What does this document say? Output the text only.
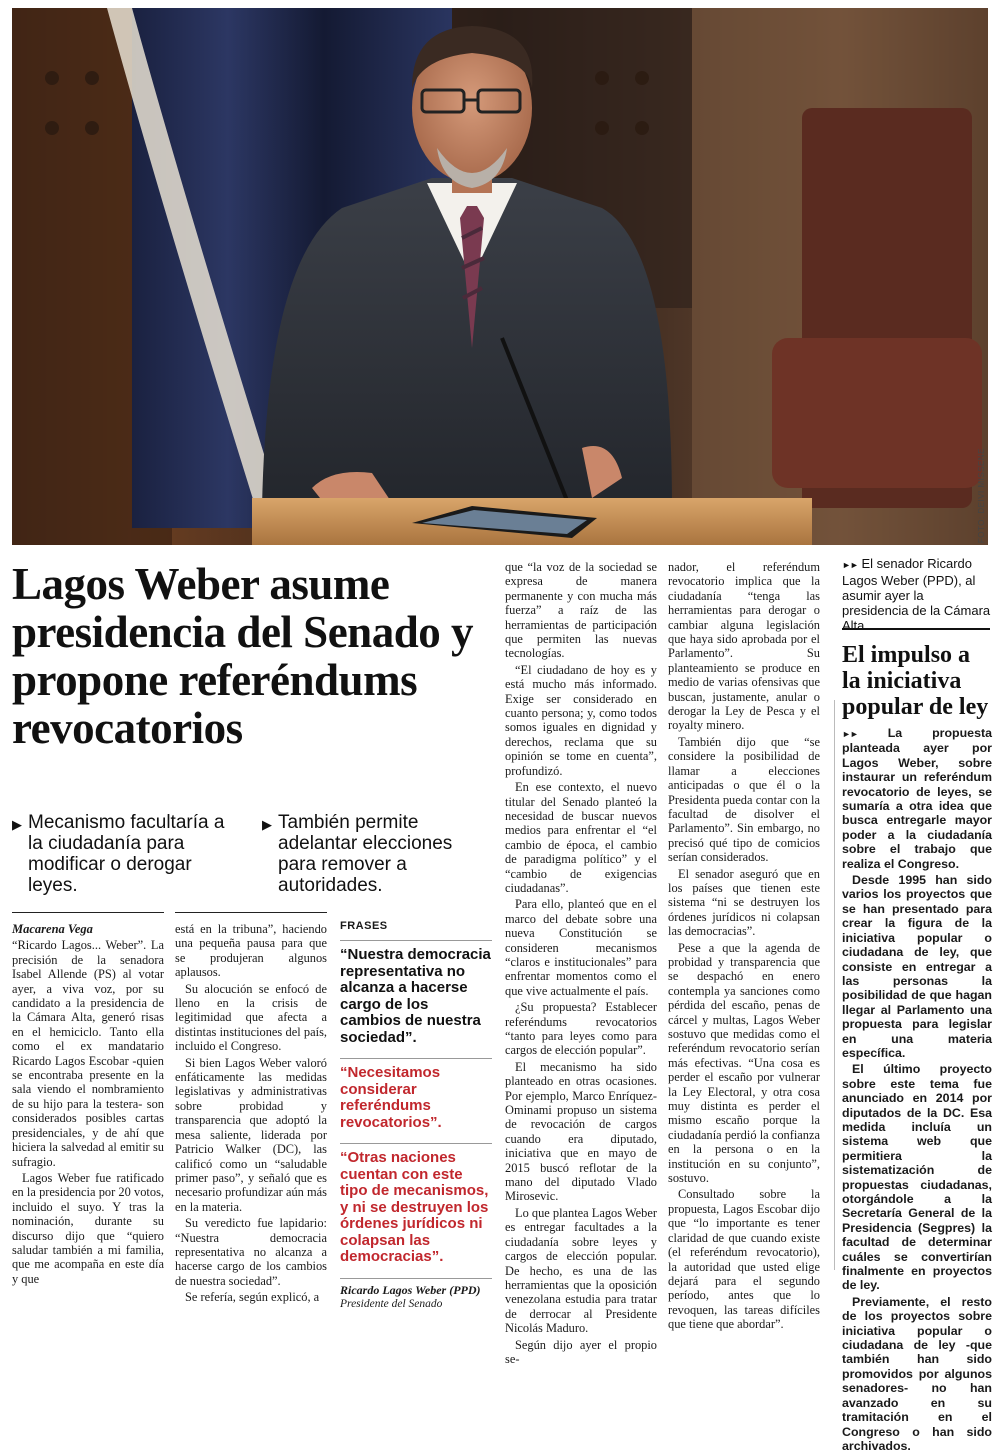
FOTO: DEIVI MISSENE
Lagos Weber asume presidencia del Senado y propone referéndums revocatorios
▶ Mecanismo facultaría a la ciudadanía para modificar o derogar leyes.
▶ También permite adelantar elecciones para remover a autoridades.

Macarena Vega

“Ricardo Lagos... Weber”. La precisión de la senadora Isabel Allende (PS) al votar ayer, a viva voz, por su candidato a la presidencia de la Cámara Alta, generó risas en el hemiciclo. Tanto ella como el ex mandatario Ricardo Lagos Escobar -quien se encontraba presente en la sala viendo el nombramiento de su hijo para la testera- son considerados posibles cartas presidenciales, y de ahí que hiciera la salvedad al emitir su sufragio.

Lagos Weber fue ratificado en la presidencia por 20 votos, incluido el suyo. Y tras la nominación, durante su discurso dijo que “quiero saludar también a mi familia, que me acompaña en este día y que

está en la tribuna”, haciendo una pequeña pausa para que se produjeran algunos aplausos.

Su alocución se enfocó de lleno en la crisis de legitimidad que afecta a distintas instituciones del país, incluido el Congreso.

Si bien Lagos Weber valoró enfáticamente las medidas legislativas y administrativas sobre probidad y transparencia que adoptó la mesa saliente, liderada por Patricio Walker (DC), las calificó como un “saludable primer paso”, y señaló que es necesario profundizar aún más en la materia.

Su veredicto fue lapidario: “Nuestra democracia representativa no alcanza a hacerse cargo de los cambios de nuestra sociedad”.

Se refería, según explicó, a

FRASES
“Nuestra democracia representativa no alcanza a hacerse cargo de los cambios de nuestra sociedad”.
“Necesitamos considerar referéndums revocatorios”.
“Otras naciones cuentan con este tipo de mecanismos, y ni se destruyen los órdenes jurídicos ni colapsan las democracias”.
Ricardo Lagos Weber (PPD)
Presidente del Senado

que “la voz de la sociedad se expresa de manera permanente y con mucha más fuerza” a raíz de las herramientas de participación que permiten las nuevas tecnologías.

“El ciudadano de hoy es y está mucho más informado. Exige ser considerado en cuanto persona; y, como todos somos iguales en dignidad y derechos, reclama que su opinión se tome en cuenta”, profundizó.

En ese contexto, el nuevo titular del Senado planteó la necesidad de buscar nuevos medios para enfrentar el “el cambio de época, el cambio de paradigma político” y el “cambio de exigencias ciudadanas”.

Para ello, planteó que en el marco del debate sobre una nueva Constitución se consideren mecanismos “claros e institucionales” para enfrentar momentos como el que vive actualmente el país.

¿Su propuesta? Establecer referéndums revocatorios “tanto para leyes como para cargos de elección popular”.

El mecanismo ha sido planteado en otras ocasiones. Por ejemplo, Marco Enríquez-Ominami propuso un sistema de revocación de cargos cuando era diputado, iniciativa que en mayo de 2015 buscó reflotar de la mano del diputado Vlado Mirosevic.

Lo que plantea Lagos Weber es entregar facultades a la ciudadanía sobre leyes y cargos de elección popular. De hecho, es una de las herramientas que la oposición venezolana estudia para tratar de derrocar al Presidente Nicolás Maduro.

Según dijo ayer el propio se-

nador, el referéndum revocatorio implica que la ciudadanía “tenga las herramientas para derogar o cambiar alguna legislación que haya sido aprobada por el Parlamento”. Su planteamiento se produce en medio de varias ofensivas que buscan, justamente, anular o derogar la Ley de Pesca y el royalty minero.

También dijo que “se considere la posibilidad de llamar a elecciones anticipadas o que él o la Presidenta pueda contar con la facultad de disolver el Parlamento”. Sin embargo, no precisó qué tipo de comicios serían considerados.

El senador aseguró que en los países que tienen este sistema “ni se destruyen los órdenes jurídicos ni colapsan las democracias”.

Pese a que la agenda de probidad y transparencia que se despachó en enero contempla ya sanciones como pérdida del escaño, penas de cárcel y multas, Lagos Weber sostuvo que medidas como el referéndum revocatorio serían más efectivas. “Una cosa es perder el escaño por vulnerar la Ley Electoral, y otra cosa muy distinta es perder el mismo escaño porque la ciudadanía perdió la confianza en la persona o en la institución en su conjunto”, sostuvo.

Consultado sobre la propuesta, Lagos Escobar dijo que “lo importante es tener claridad de que cuando existe (el referéndum revocatorio), la autoridad que usted elige dejará para el segundo período, antes que lo revoquen, las tareas difíciles que tiene que abordar”.

►► El senador Ricardo Lagos Weber (PPD), al asumir ayer la presidencia de la Cámara Alta.
El impulso a la iniciativa popular de ley

►► La propuesta planteada ayer por Lagos Weber, sobre instaurar un referéndum revocatorio de leyes, se sumaría a otra idea que busca entregarle mayor poder a la ciudadanía sobre el trabajo que realiza el Congreso.

Desde 1995 han sido varios los proyectos que se han presentado para crear la figura de la iniciativa popular o ciudadana de ley, que consiste en entregar a las personas la posibilidad de que hagan llegar al Parlamento una propuesta para legislar en una materia específica.

El último proyecto sobre este tema fue anunciado en 2014 por diputados de la DC. Esa medida incluía un sistema web que permitiera la sistematización de propuestas ciudadanas, otorgándole a la Secretaría General de la Presidencia (Segpres) la facultad de determinar cuáles se convertirían finalmente en proyectos de ley.

Previamente, el resto de los proyectos sobre iniciativa popular o ciudadana de ley -que también han sido promovidos por algunos senadores- no han avanzado en su tramitación en el Congreso o han sido archivados.
